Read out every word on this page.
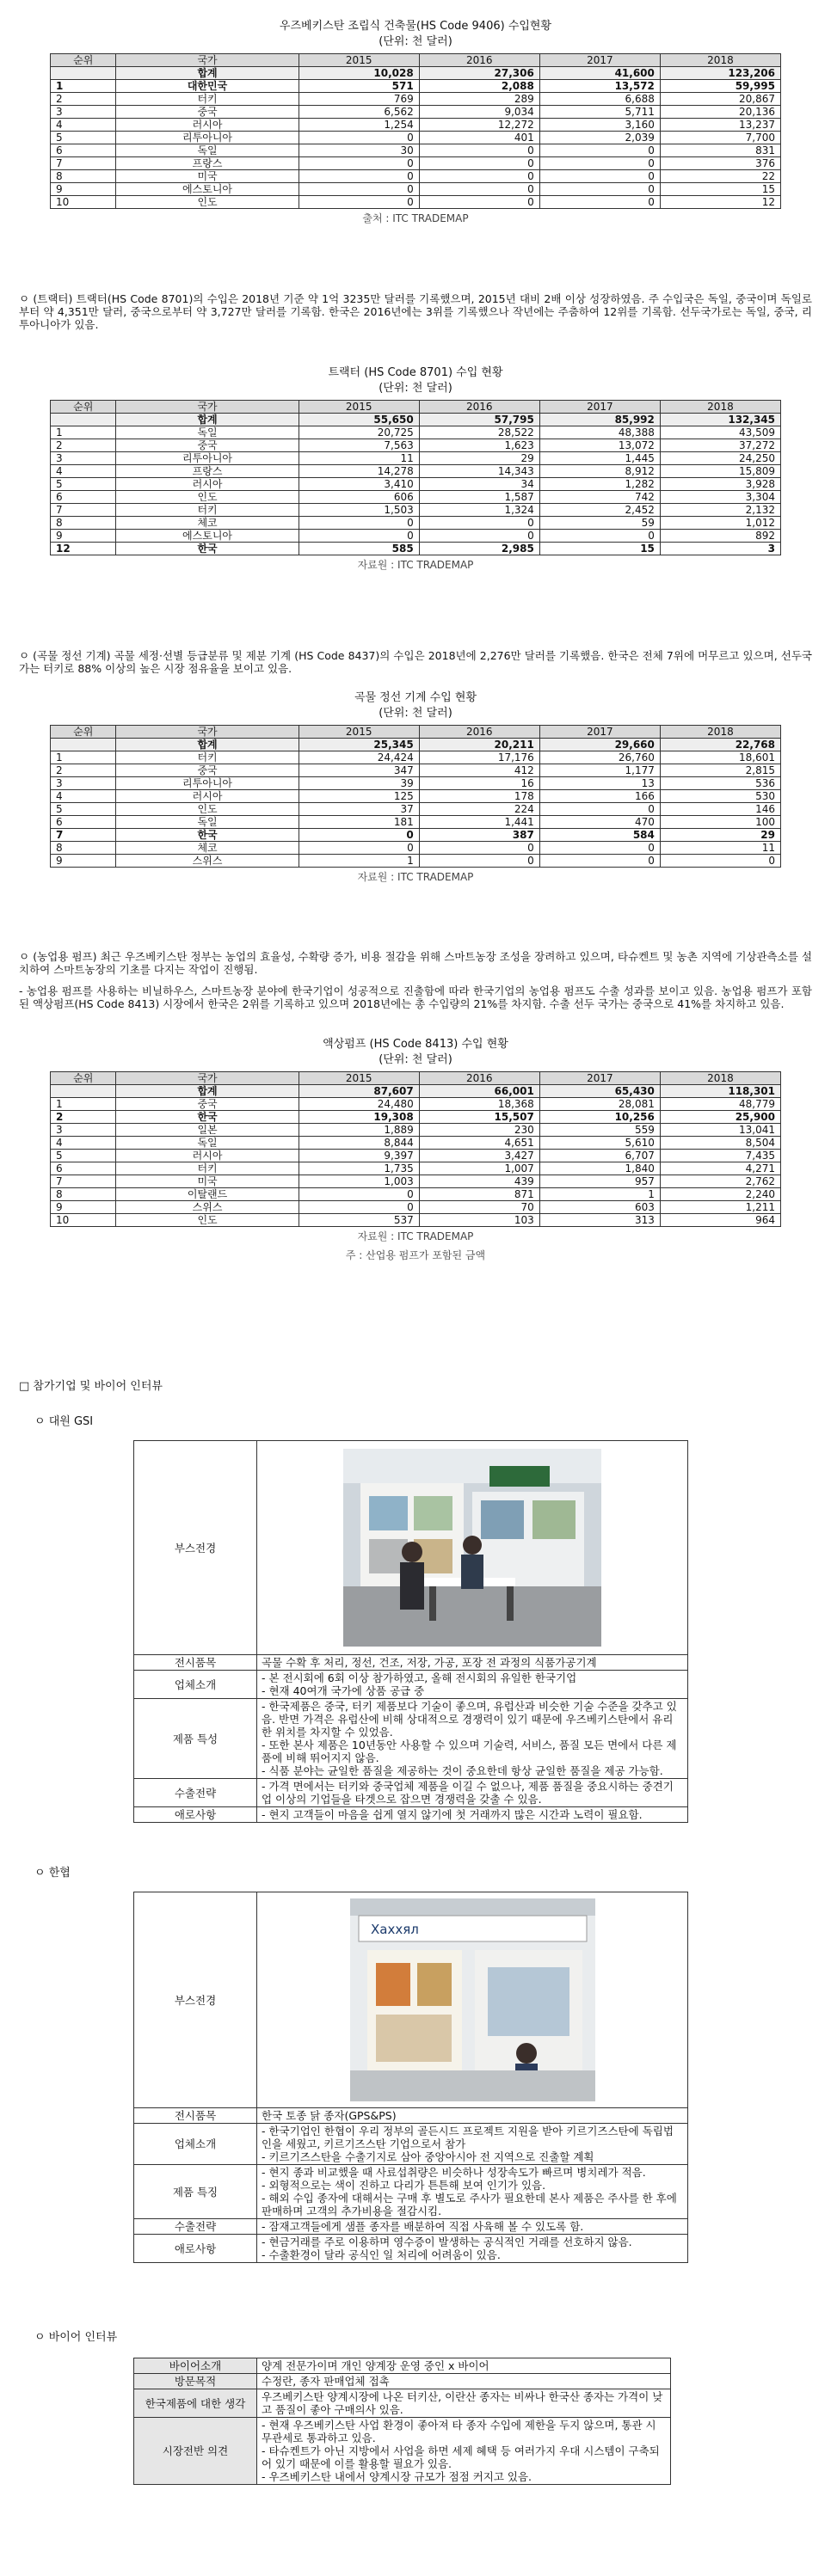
우즈베키스탄 조립식 건축물(HS Code 9406) 수입현황
(단위: 천 달러)
순위	국가	2015	2016	2017	2018
	합계	10,028	27,306	41,600	123,206
1	대한민국	571	2,088	13,572	59,995
2	터키	769	289	6,688	20,867
3	중국	6,562	9,034	5,711	20,136
4	러시아	1,254	12,272	3,160	13,237
5	리투아니아	0	401	2,039	7,700
6	독일	30	0	0	831
7	프랑스	0	0	0	376
8	미국	0	0	0	22
9	에스토니아	0	0	0	15
10	인도	0	0	0	12
출처 : ITC TRADEMAP
ㅇ (트랙터) 트랙터(HS Code 8701)의 수입은 2018년 기준 약 1억 3235만 달러를 기록했으며, 2015년 대비 2배 이상 성장하였음. 주 수입국은 독일, 중국이며 독일로부터 약 4,351만 달러, 중국으로부터 약 3,727만 달러를 기록함. 한국은 2016년에는 3위를 기록했으나 작년에는 주춤하여 12위를 기록함. 선두국가로는 독일, 중국, 리투아니아가 있음.
트랙터 (HS Code 8701) 수입 현황
(단위: 천 달러)
순위	국가	2015	2016	2017	2018
	합계	55,650	57,795	85,992	132,345
1	독일	20,725	28,522	48,388	43,509
2	중국	7,563	1,623	13,072	37,272
3	리투아니아	11	29	1,445	24,250
4	프랑스	14,278	14,343	8,912	15,809
5	러시아	3,410	34	1,282	3,928
6	인도	606	1,587	742	3,304
7	터키	1,503	1,324	2,452	2,132
8	체코	0	0	59	1,012
9	에스토니아	0	0	0	892
12	한국	585	2,985	15	3
자료원 : ITC TRADEMAP
ㅇ (곡물 정선 기계) 곡물 세정·선별 등급분류 및 제분 기계 (HS Code 8437)의 수입은 2018년에 2,276만 달러를 기록했음. 한국은 전체 7위에 머무르고 있으며, 선두국가는 터키로 88% 이상의 높은 시장 점유율을 보이고 있음.
곡물 정선 기계 수입 현황
(단위: 천 달러)
순위	국가	2015	2016	2017	2018
	합계	25,345	20,211	29,660	22,768
1	터키	24,424	17,176	26,760	18,601
2	중국	347	412	1,177	2,815
3	리투아니아	39	16	13	536
4	러시아	125	178	166	530
5	인도	37	224	0	146
6	독일	181	1,441	470	100
7	한국	0	387	584	29
8	체코	0	0	0	11
9	스위스	1	0	0	0
자료원 : ITC TRADEMAP
ㅇ (농업용 펌프) 최근 우즈베키스탄 정부는 농업의 효율성, 수확량 증가, 비용 절감을 위해 스마트농장 조성을 장려하고 있으며, 타슈켄트 및 농촌 지역에 기상관측소를 설치하여 스마트농장의 기초를 다지는 작업이 진행됨.
- 농업용 펌프를 사용하는 비닐하우스, 스마트농장 분야에 한국기업이 성공적으로 진출함에 따라 한국기업의 농업용 펌프도 수출 성과를 보이고 있음. 농업용 펌프가 포함된 액상펌프(HS Code 8413) 시장에서 한국은 2위를 기록하고 있으며 2018년에는 총 수입량의 21%를 차지함. 수출 선두 국가는 중국으로 41%를 차지하고 있음.
액상펌프 (HS Code 8413) 수입 현황
(단위: 천 달러)
순위	국가	2015	2016	2017	2018
	합계	87,607	66,001	65,430	118,301
1	중국	24,480	18,368	28,081	48,779
2	한국	19,308	15,507	10,256	25,900
3	일본	1,889	230	559	13,041
4	독일	8,844	4,651	5,610	8,504
5	러시아	9,397	3,427	6,707	7,435
6	터키	1,735	1,007	1,840	4,271
7	미국	1,003	439	957	2,762
8	이탈랜드	0	871	1	2,240
9	스위스	0	70	603	1,211
10	인도	537	103	313	964
자료원 : ITC TRADEMAP
주 : 산업용 펌프가 포함된 금액
□ 참가기업 및 바이어 인터뷰
ㅇ 대원 GSI
부스전경	

전시품목	곡물 수확 후 처리, 정선, 건조, 저장, 가공, 포장 전 과정의 식품가공기계

업체소개	- 본 전시회에 6회 이상 참가하였고, 올해 전시회의 유일한 한국기업
- 현재 40여개 국가에 상품 공급 중

제품 특성	- 한국제품은 중국, 터키 제품보다 기술이 좋으며, 유럽산과 비슷한 기술 수준을 갖추고 있음. 반면 가격은 유럽산에 비해 상대적으로 경쟁력이 있기 때문에 우즈베키스탄에서 유리한 위치를 차지할 수 있었음.
- 또한 본사 제품은 10년동안 사용할 수 있으며 기술력, 서비스, 품질 모든 면에서 다른 제품에 비해 뛰어지지 않음.
- 식품 분야는 균일한 품질을 제공하는 것이 중요한데 항상 균일한 품질을 제공 가능함.

수출전략	- 가격 면에서는 터키와 중국업체 제품을 이길 수 없으나, 제품 품질을 중요시하는 중견기업 이상의 기업들을 타겟으로 잡으면 경쟁력을 갖출 수 있음.

애로사항	- 현지 고객들이 마음을 쉽게 열지 않기에 첫 거래까지 많은 시간과 노력이 필요함.
ㅇ 한협
부스전경	Хаххял

전시품목	한국 토종 닭 종자(GPS&PS)

업체소개	- 한국기업인 한협이 우리 정부의 골든시드 프로젝트 지원을 받아 키르기즈스탄에 독립법인을 세웠고, 키르기즈스탄 기업으로서 참가
- 키르기즈스탄을 수출기지로 삼아 중앙아시아 전 지역으로 진출할 계획

제품 특징	- 현지 종과 비교했을 때 사료섭취량은 비슷하나 성장속도가 빠르며 병치레가 적음.
- 외형적으로는 색이 진하고 다리가 튼튼해 보여 인기가 있음.
- 해외 수입 종자에 대해서는 구매 후 별도로 주사가 필요한데 본사 제품은 주사를 한 후에 판매하며 고객의 추가비용을 절감시킴.

수출전략	- 잠재고객들에게 샘플 종자를 배분하여 직접 사육해 볼 수 있도록 함.

애로사항	- 현금거래를 주로 이용하며 영수증이 발생하는 공식적인 거래를 선호하지 않음.
- 수출환경이 달라 공식인 일 처리에 어려움이 있음.
ㅇ 바이어 인터뷰
바이어소개	양계 전문가이며 개인 양계장 운영 중인 x 바이어

방문목적	수정란, 종자 판매업체 접촉

한국제품에 대한 생각	우즈베키스탄 양계시장에 나온 터키산, 이란산 종자는 비싸나 한국산 종자는 가격이 낮고 품질이 좋아 구매의사 있음.

시장전반 의견	- 현재 우즈베키스탄 사업 환경이 좋아져 타 종자 수입에 제한을 두지 않으며, 통관 시 무관세로 통과하고 있음.
- 타슈켄트가 아닌 지방에서 사업을 하면 세제 혜택 등 여러가지 우대 시스템이 구축되어 있기 때문에 이를 활용할 필요가 있음.
- 우즈베키스탄 내에서 양계시장 규모가 점점 커지고 있음.
